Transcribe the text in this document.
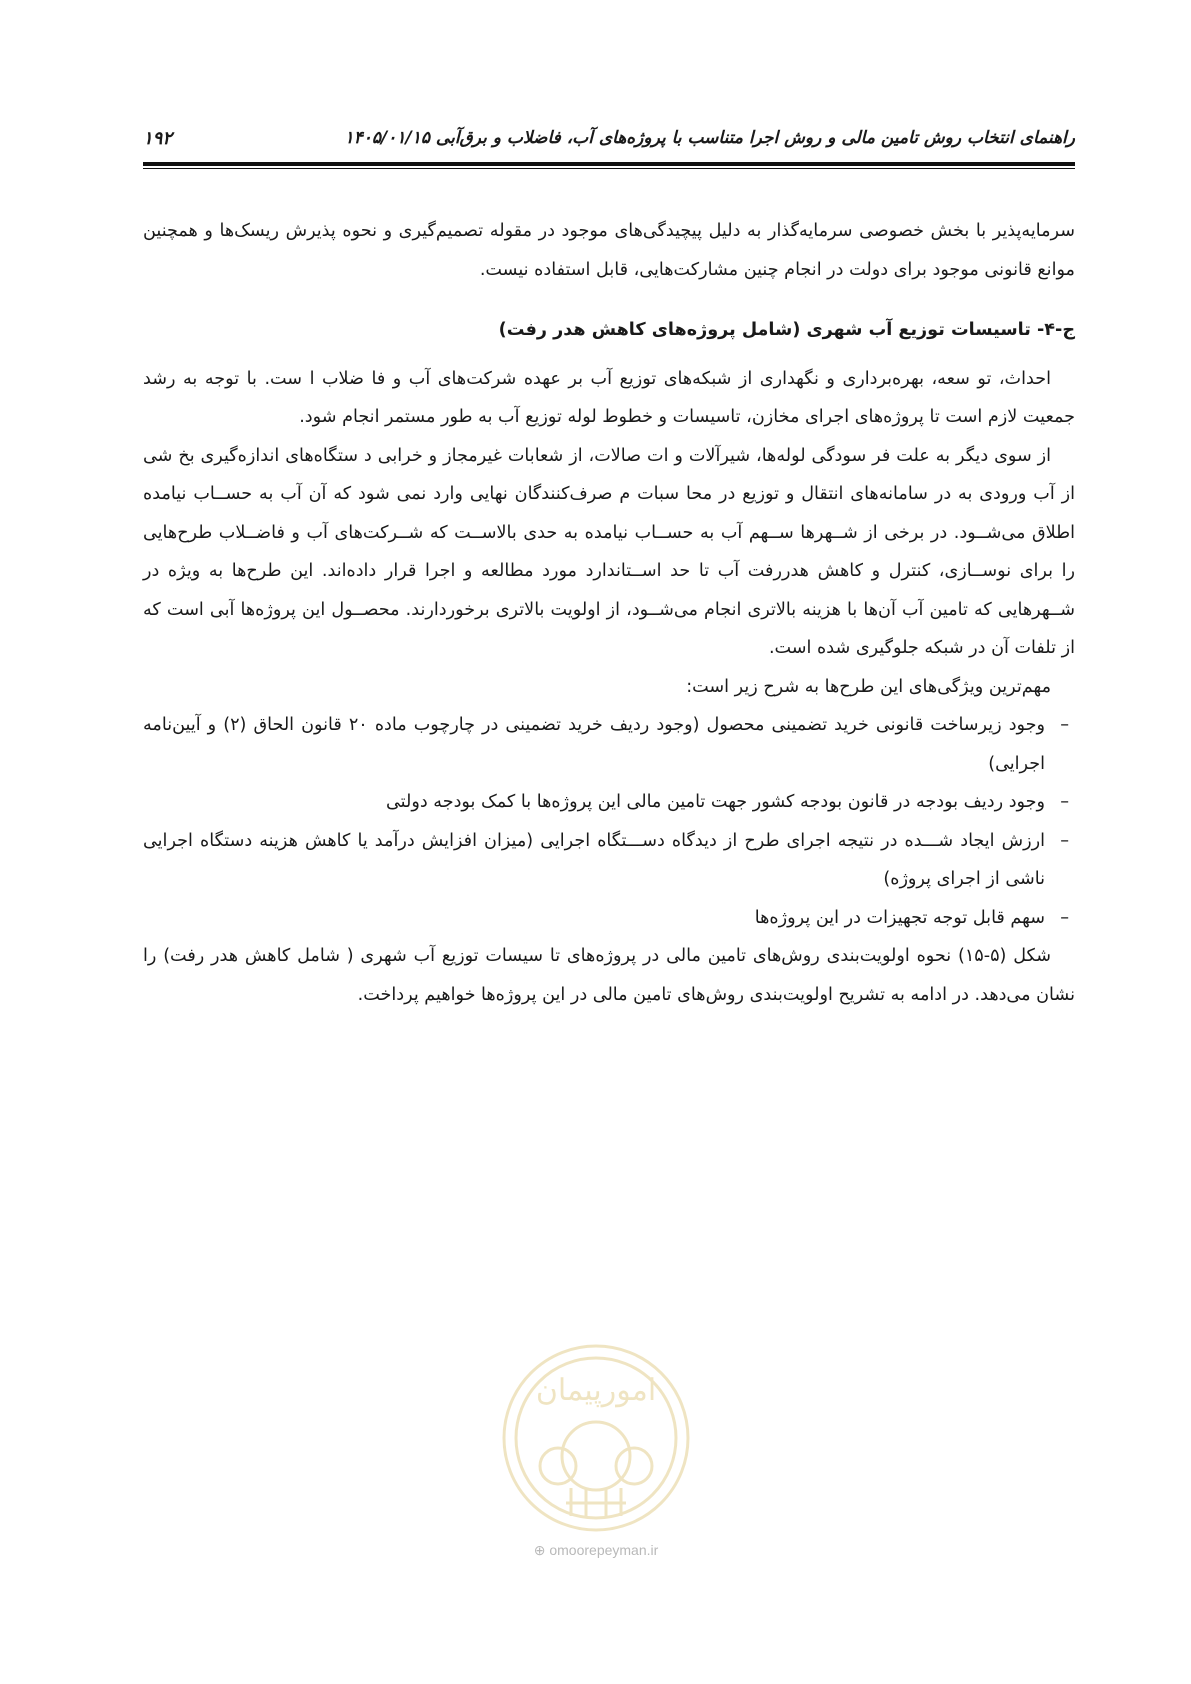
۱۹۲	راهنمای انتخاب روش تامین مالی و روش اجرا متناسب با پروژه‌های آب، فاضلاب و برق‌آبی ۱۴۰۵/۰۱/۱۵

سرمایه‌پذیر با بخش خصوصی سرمایه‌گذار به دلیل پیچیدگی‌های موجود در مقوله تصمیم‌گیری و نحوه پذیرش ریسک‌ها و همچنین موانع قانونی موجود برای دولت در انجام چنین مشارکت‌هایی، قابل استفاده نیست.

ج-۴- تاسیسات توزیع آب شهری (شامل پروژه‌های کاهش هدر رفت)

احداث، تو سعه، بهره‌برداری و نگهداری از شبکه‌های توزیع آب بر عهده شرکت‌های آب و فا ضلاب ا ست. با توجه به رشد جمعیت لازم است تا پروژه‌های اجرای مخازن، تاسیسات و خطوط لوله توزیع آب به طور مستمر انجام شود.

از سوی دیگر به علت فر سودگی لوله‌ها، شیرآلات و ات صالات، از شعابات غیرمجاز و خرابی د ستگاه‌های اندازه‌گیری بخ شی از آب ورودی به در سامانه‌های انتقال و توزیع در محا سبات م صرف‌کنندگان نهایی وارد نمی شود که آن آب به حســاب نیامده اطلاق می‌شــود. در برخی از شــهرها ســهم آب به حســاب نیامده به حدی بالاســت که شــرکت‌های آب و فاضــلاب طرح‌هایی را برای نوســازی، کنترل و کاهش هدررفت آب تا حد اســتاندارد مورد مطالعه و اجرا قرار داده‌اند. این طرح‌ها به ویژه در شــهرهایی که تامین آب آن‌ها با هزینه بالاتری انجام می‌شــود، از اولویت بالاتری برخوردارند. محصــول این پروژه‌ها آبی است که از تلفات آن در شبکه جلوگیری شده است.

مهم‌ترین ویژگی‌های این طرح‌ها به شرح زیر است:

– وجود زیرساخت قانونی خرید تضمینی محصول (وجود ردیف خرید تضمینی در چارچوب ماده ۲۰ قانون الحاق (۲) و آیین‌نامه اجرایی)
– وجود ردیف بودجه در قانون بودجه کشور جهت تامین مالی این پروژه‌ها با کمک بودجه دولتی
– ارزش ایجاد شـــده در نتیجه اجرای طرح از دیدگاه دســـتگاه اجرایی (میزان افزایش درآمد یا کاهش هزینه دستگاه اجرایی ناشی از اجرای پروژه)
– سهم قابل توجه تجهیزات در این پروژه‌ها

شکل (۵-۱۵) نحوه اولویت‌بندی روش‌های تامین مالی در پروژه‌های تا سیسات توزیع آب شهری ( شامل کاهش هدر رفت) را نشان می‌دهد. در ادامه به تشریح اولویت‌بندی روش‌های تامین مالی در این پروژه‌ها خواهیم پرداخت.

امورپیمان
⊕ omoorepeyman.ir
